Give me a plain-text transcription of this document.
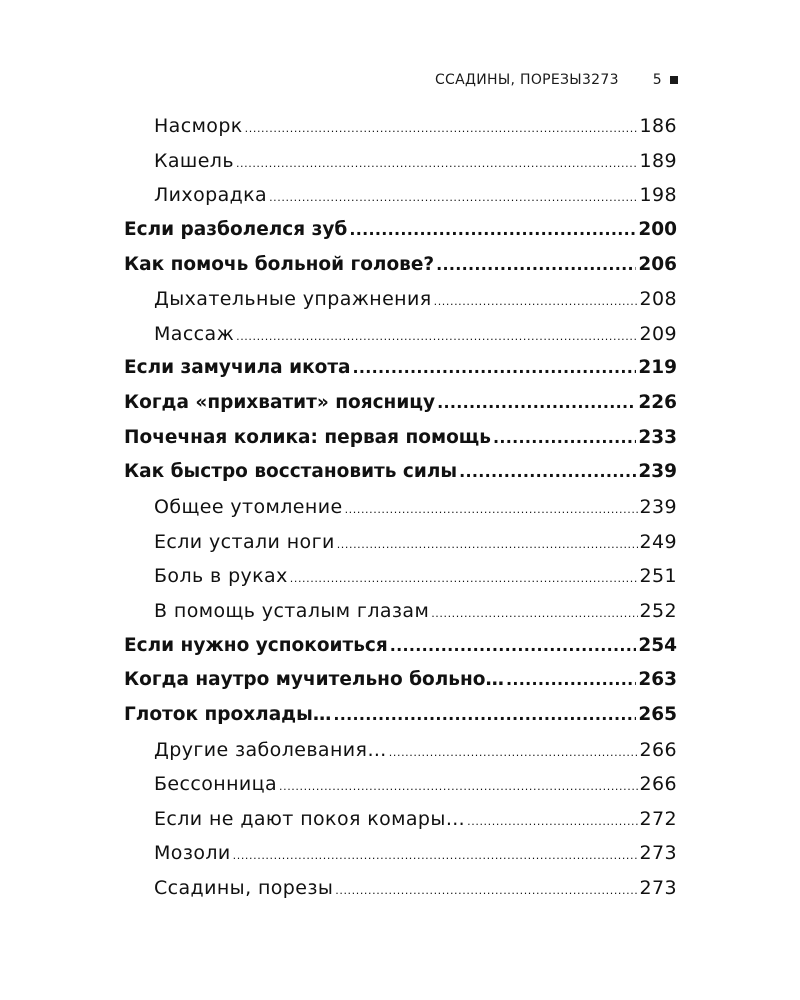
ССАДИНЫ, ПОРЕЗЫ3273 5
Насморк .....	186
Кашель .....	189
Лихорадка .....	198
Если разболелся зуб .....	200
Как помочь больной голове? .....	206
Дыхательные упражнения .....	208
Массаж .....	209
Если замучила икота .....	219
Когда «прихватит» поясницу .....	226
Почечная колика: первая помощь .....	233
Как быстро восстановить силы .....	239
Общее утомление .....	239
Если устали ноги .....	249
Боль в руках .....	251
В помощь усталым глазам .....	252
Если нужно успокоиться .....	254
Когда наутро мучительно больно… .....	263
Глоток прохлады… .....	265
Другие заболевания… .....	266
Бессонница .....	266
Если не дают покоя комары… .....	272
Мозоли .....	273
Ссадины, порезы .....	273
